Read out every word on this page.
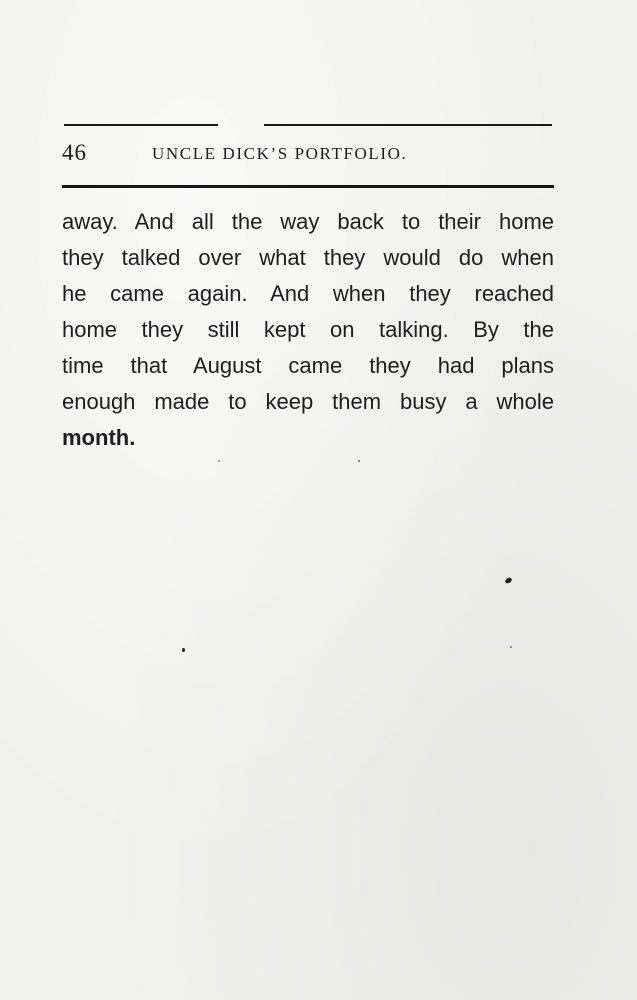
46	UNCLE DICK’S PORTFOLIO.
away. And all the way back to their home
they talked over what they would do when
he came again. And when they reached
home they still kept on talking. By the
time that August came they had plans
enough made to keep them busy a whole
month.
